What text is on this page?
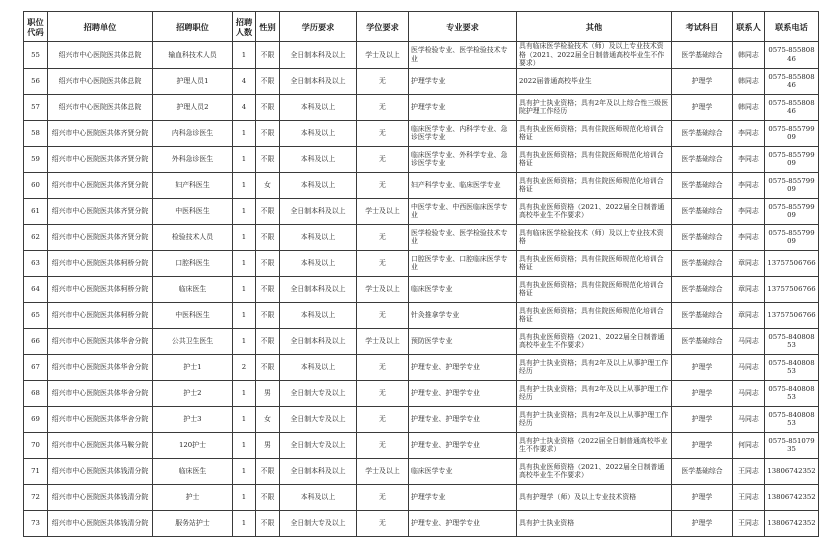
职位代码	招聘单位	招聘职位	招聘人数	性别	学历要求	学位要求	专业要求	其他	考试科目	联系人	联系电话
55	绍兴市中心医院医共体总院	输血科技术人员	1	不限	全日制本科及以上	学士及以上	医学检验专业、医学检验技术专业	具有临床医学检验技术（师）及以上专业技术资格（2021、2022届全日制普通高校毕业生不作要求）	医学基础综合	韩同志	0575-85580846
56	绍兴市中心医院医共体总院	护理人员1	4	不限	全日制本科及以上	无	护理学专业	2022届普通高校毕业生	护理学	韩同志	0575-85580846
57	绍兴市中心医院医共体总院	护理人员2	4	不限	本科及以上	无	护理学专业	具有护士执业资格；具有2年及以上综合性三级医院护理工作经历	护理学	韩同志	0575-85580846
58	绍兴市中心医院医共体齐贤分院	内科急诊医生	1	不限	本科及以上	无	临床医学专业、内科学专业、急诊医学专业	具有执业医师资格；具有住院医师规范化培训合格证	医学基础综合	李同志	0575-85579909
59	绍兴市中心医院医共体齐贤分院	外科急诊医生	1	不限	本科及以上	无	临床医学专业、外科学专业、急诊医学专业	具有执业医师资格；具有住院医师规范化培训合格证	医学基础综合	李同志	0575-85579909
60	绍兴市中心医院医共体齐贤分院	妇产科医生	1	女	本科及以上	无	妇产科学专业、临床医学专业	具有执业医师资格；具有住院医师规范化培训合格证	医学基础综合	李同志	0575-85579909
61	绍兴市中心医院医共体齐贤分院	中医科医生	1	不限	全日制本科及以上	学士及以上	中医学专业、中西医临床医学专业	具有执业医师资格（2021、2022届全日制普通高校毕业生不作要求）	医学基础综合	李同志	0575-85579909
62	绍兴市中心医院医共体齐贤分院	检验技术人员	1	不限	本科及以上	无	医学检验专业、医学检验技术专业	具有临床医学检验技术（师）及以上专业技术资格	医学基础综合	李同志	0575-85579909
63	绍兴市中心医院医共体柯桥分院	口腔科医生	1	不限	本科及以上	无	口腔医学专业、口腔临床医学专业	具有执业医师资格；具有住院医师规范化培训合格证	医学基础综合	章同志	13757506766
64	绍兴市中心医院医共体柯桥分院	临床医生	1	不限	全日制本科及以上	学士及以上	临床医学专业	具有执业医师资格；具有住院医师规范化培训合格证	医学基础综合	章同志	13757506766
65	绍兴市中心医院医共体柯桥分院	中医科医生	1	不限	本科及以上	无	针灸推拿学专业	具有执业医师资格；具有住院医师规范化培训合格证	医学基础综合	章同志	13757506766
66	绍兴市中心医院医共体华舍分院	公共卫生医生	1	不限	全日制本科及以上	学士及以上	预防医学专业	具有执业医师资格（2021、2022届全日制普通高校毕业生不作要求）	医学基础综合	马同志	0575-84080853
67	绍兴市中心医院医共体华舍分院	护士1	2	不限	本科及以上	无	护理专业、护理学专业	具有护士执业资格；具有2年及以上从事护理工作经历	护理学	马同志	0575-84080853
68	绍兴市中心医院医共体华舍分院	护士2	1	男	全日制大专及以上	无	护理专业、护理学专业	具有护士执业资格；具有2年及以上从事护理工作经历	护理学	马同志	0575-84080853
69	绍兴市中心医院医共体华舍分院	护士3	1	女	全日制大专及以上	无	护理专业、护理学专业	具有护士执业资格；具有2年及以上从事护理工作经历	护理学	马同志	0575-84080853
70	绍兴市中心医院医共体马鞍分院	120护士	1	男	全日制大专及以上	无	护理专业、护理学专业	具有护士执业资格（2022届全日制普通高校毕业生不作要求）	护理学	何同志	0575-85107935
71	绍兴市中心医院医共体钱清分院	临床医生	1	不限	全日制本科及以上	学士及以上	临床医学专业	具有执业医师资格（2021、2022届全日制普通高校毕业生不作要求）	医学基础综合	王同志	13806742352
72	绍兴市中心医院医共体钱清分院	护士	1	不限	本科及以上	无	护理学专业	具有护理学（师）及以上专业技术资格	护理学	王同志	13806742352
73	绍兴市中心医院医共体钱清分院	服务站护士	1	不限	全日制大专及以上	无	护理专业、护理学专业	具有护士执业资格	护理学	王同志	13806742352
